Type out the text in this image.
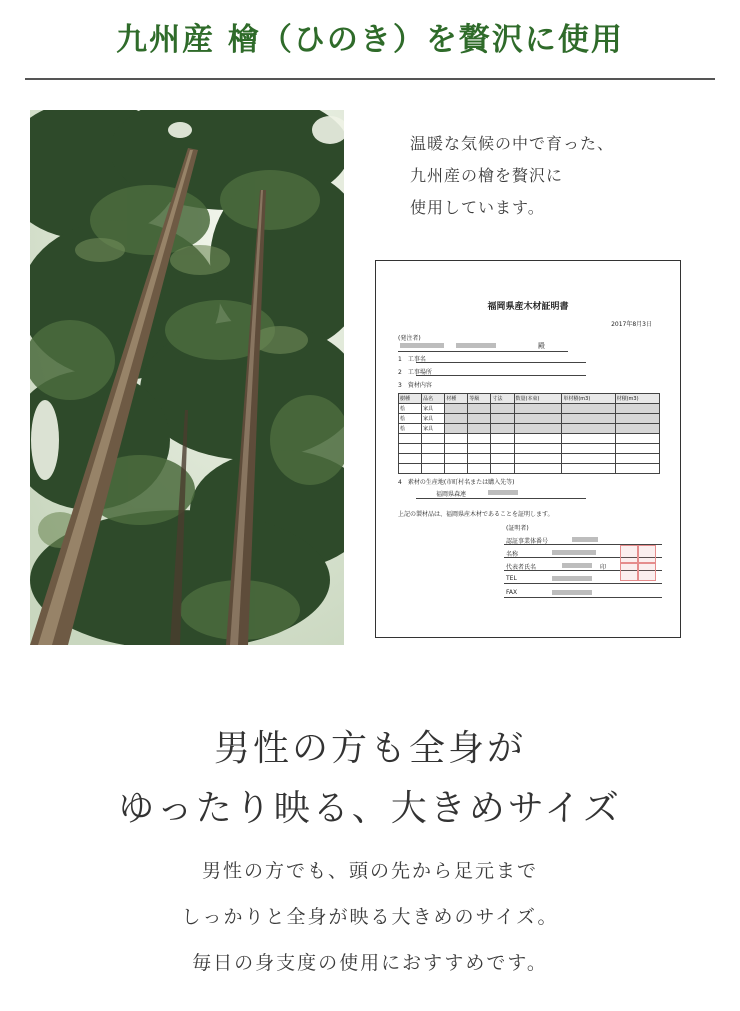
九州産 檜（ひのき）を贅沢に使用
温暖な気候の中で育った、
九州産の檜を贅沢に
使用しています。
福岡県産木材証明書
2017年8月3日
(発注者)
殿
1　工事名
2　工事場所
3　資材内容
樹種	品名	材種	等級	寸法	数量(本束)	単材積(m3)	材積(m3)
桧	家具						
桧	家具						
桧	家具						

4　素材の生産地(市町村名または購入先等)
福岡県森連
上記の製材品は、福岡県産木材であることを証明します。
(証明者)
認証事業体番号
名称
代表者氏名	印
TEL
FAX
男性の方も全身が
ゆったり映る、大きめサイズ
男性の方でも、頭の先から足元まで
しっかりと全身が映る大きめのサイズ。
毎日の身支度の使用におすすめです。
